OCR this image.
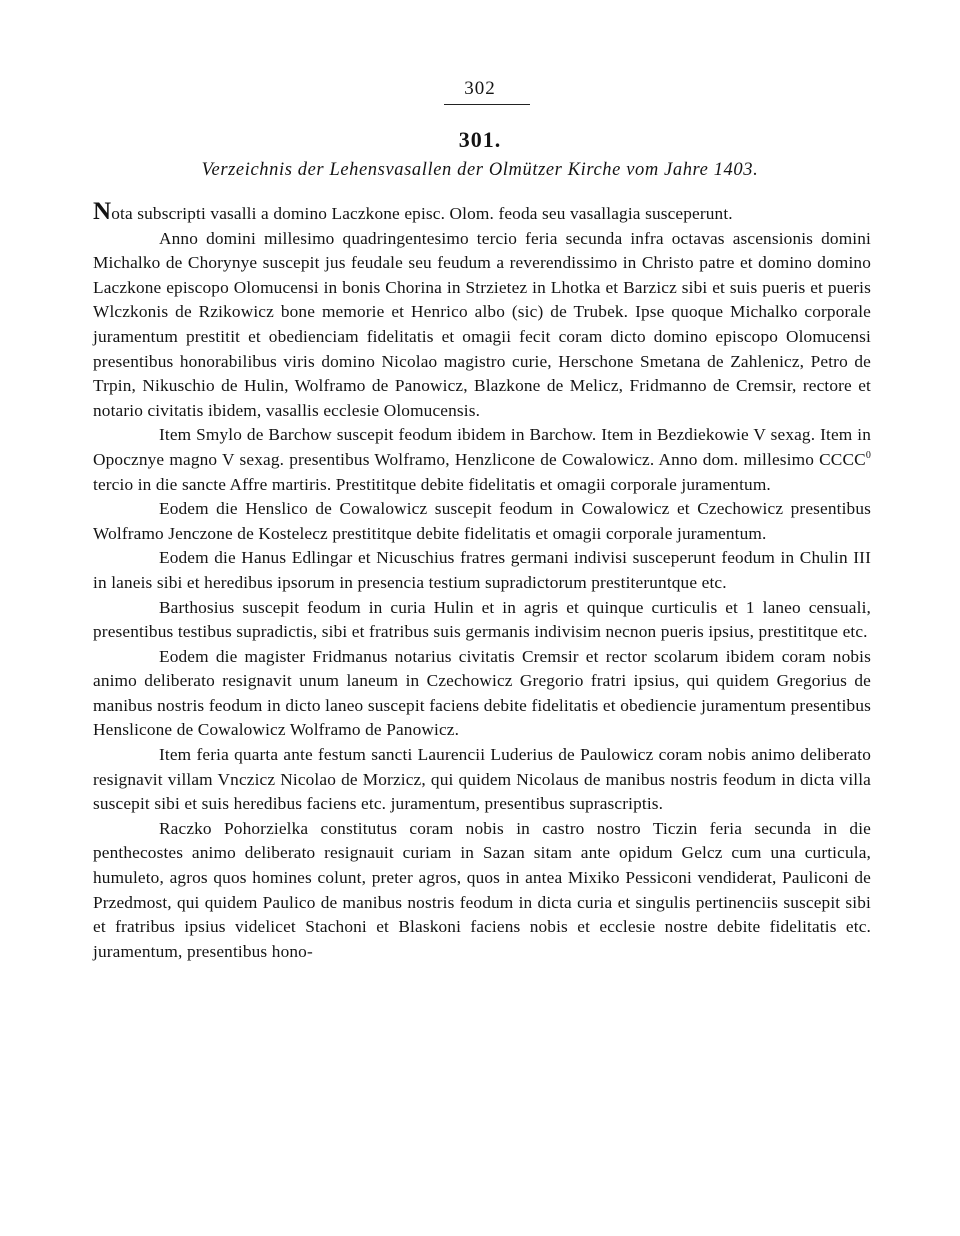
302
301.
Verzeichnis der Lehensvasallen der Olmützer Kirche vom Jahre 1403.

Nota subscripti vasalli a domino Laczkone episc. Olom. feoda seu vasallagia susceperunt.

Anno domini millesimo quadringentesimo tercio feria secunda infra octavas ascensionis domini Michalko de Chorynye suscepit jus feudale seu feudum a reverendissimo in Christo patre et domino domino Laczkone episcopo Olomucensi in bonis Chorina in Strzietez in Lhotka et Barzicz sibi et suis pueris et pueris Wlczkonis de Rzikowicz bone memorie et Henrico albo (sic) de Trubek. Ipse quoque Michalko corporale juramentum prestitit et obedienciam fidelitatis et omagii fecit coram dicto domino episcopo Olomucensi presentibus honorabilibus viris domino Nicolao magistro curie, Herschone Smetana de Zahlenicz, Petro de Trpin, Nikuschio de Hulin, Wolframo de Panowicz, Blazkone de Melicz, Fridmanno de Cremsir, rectore et notario civitatis ibidem, vasallis ecclesie Olomucensis.

Item Smylo de Barchow suscepit feodum ibidem in Barchow. Item in Bezdiekowie V sexag. Item in Opocznye magno V sexag. presentibus Wolframo, Henzlicone de Cowalowicz. Anno dom. millesimo CCCC$^0$ tercio in die sancte Affre martiris. Prestititque debite fidelitatis et omagii corporale juramentum.

Eodem die Henslico de Cowalowicz suscepit feodum in Cowalowicz et Czechowicz presentibus Wolframo Jenczone de Kostelecz prestititque debite fidelitatis et omagii corporale juramentum.

Eodem die Hanus Edlingar et Nicuschius fratres germani indivisi susceperunt feodum in Chulin III in laneis sibi et heredibus ipsorum in presencia testium supradictorum prestiteruntque etc.

Barthosius suscepit feodum in curia Hulin et in agris et quinque curticulis et 1 laneo censuali, presentibus testibus supradictis, sibi et fratribus suis germanis indivisim necnon pueris ipsius, prestititque etc.

Eodem die magister Fridmanus notarius civitatis Cremsir et rector scolarum ibidem coram nobis animo deliberato resignavit unum laneum in Czechowicz Gregorio fratri ipsius, qui quidem Gregorius de manibus nostris feodum in dicto laneo suscepit faciens debite fidelitatis et obediencie juramentum presentibus Henslicone de Cowalowicz Wolframo de Panowicz.

Item feria quarta ante festum sancti Laurencii Luderius de Paulowicz coram nobis animo deliberato resignavit villam Vnczicz Nicolao de Morzicz, qui quidem Nicolaus de manibus nostris feodum in dicta villa suscepit sibi et suis heredibus faciens etc. juramentum, presentibus suprascriptis.

Raczko Pohorzielka constitutus coram nobis in castro nostro Ticzin feria secunda in die penthecostes animo deliberato resignauit curiam in Sazan sitam ante opidum Gelcz cum una curticula, humuleto, agros quos homines colunt, preter agros, quos in antea Mixiko Pessiconi vendiderat, Pauliconi de Przedmost, qui quidem Paulico de manibus nostris feodum in dicta curia et singulis pertinenciis suscepit sibi et fratribus ipsius videlicet Stachoni et Blaskoni faciens nobis et ecclesie nostre debite fidelitatis etc. juramentum, presentibus hono-
